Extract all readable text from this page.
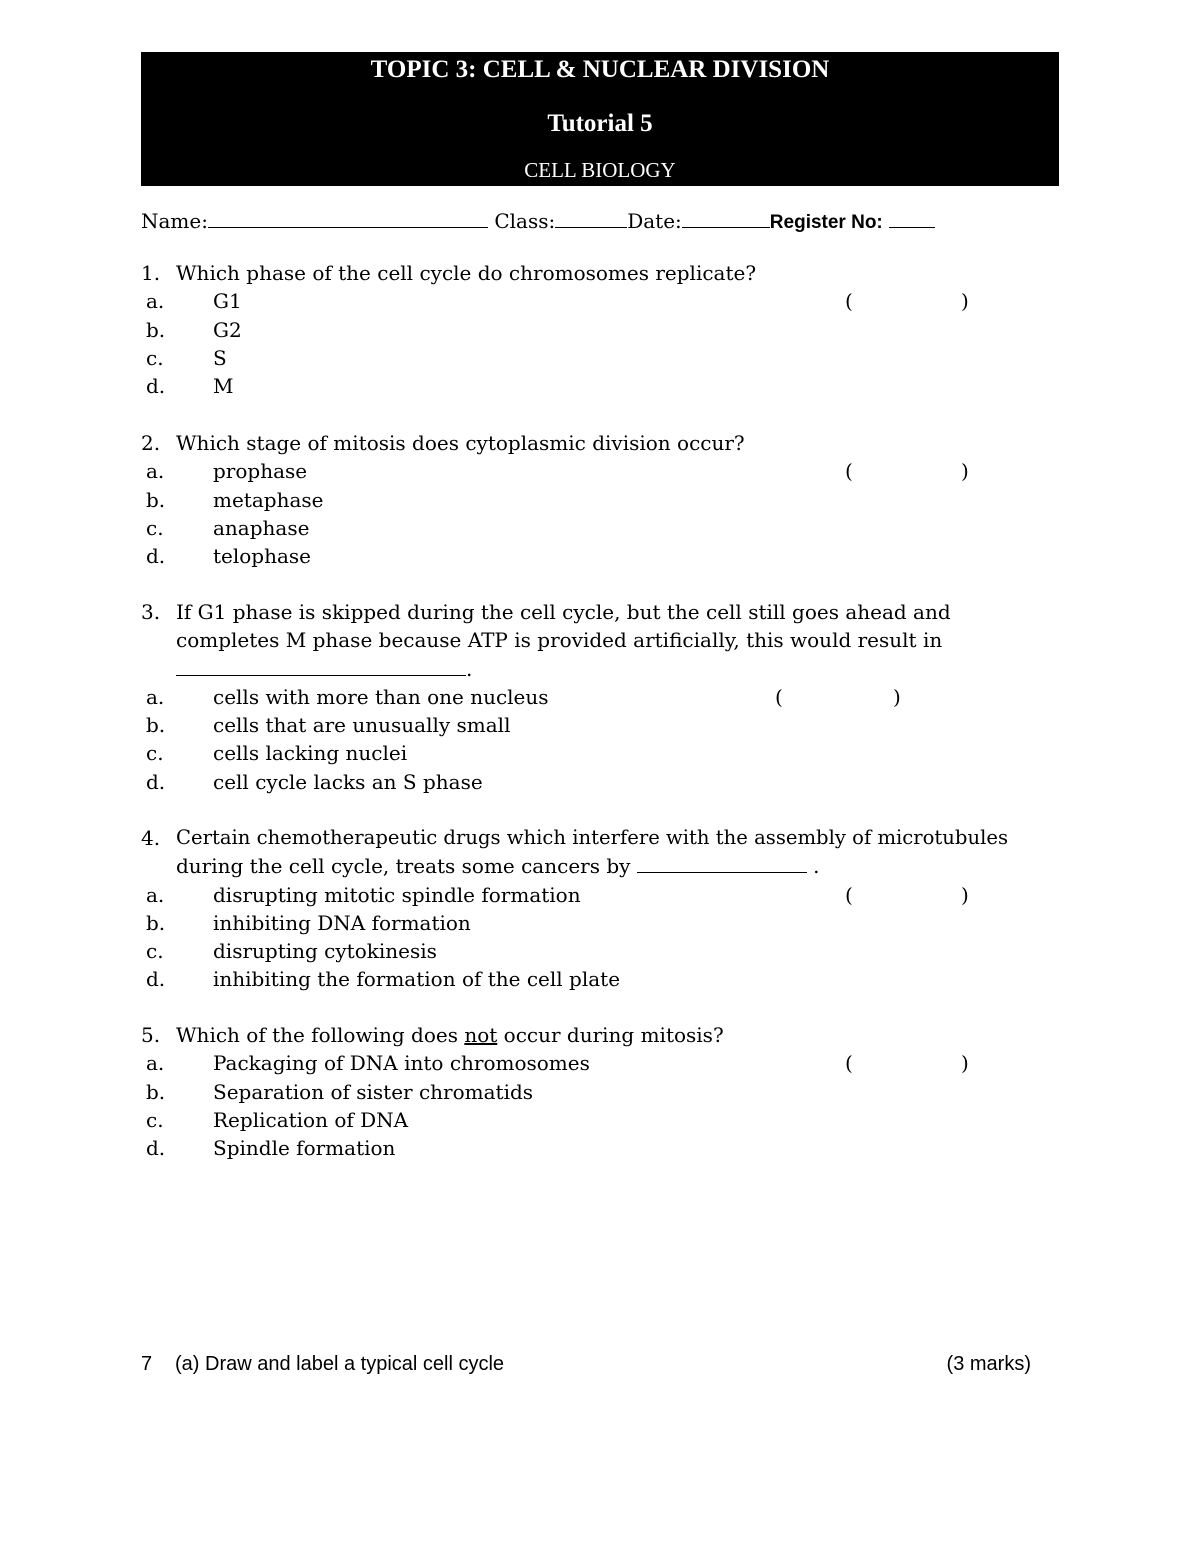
TOPIC 3: CELL & NUCLEAR DIVISION
Tutorial 5
CELL BIOLOGY
Name:	Class:	Date:	Register No:
1. Which phase of the cell cycle do chromosomes replicate?
a. G1	(	)
b. G2
c. S
d. M
2. Which stage of mitosis does cytoplasmic division occur?
a. prophase	(	)
b. metaphase
c. anaphase
d. telophase
3. If G1 phase is skipped during the cell cycle, but the cell still goes ahead and
completes M phase because ATP is provided artificially, this would result in
.
a. cells with more than one nucleus	(	)
b. cells that are unusually small
c. cells lacking nuclei
d. cell cycle lacks an S phase
4. Certain chemotherapeutic drugs which interfere with the assembly of microtubules
during the cell cycle, treats some cancers by	.
a. disrupting mitotic spindle formation	(	)
b. inhibiting DNA formation
c. disrupting cytokinesis
d. inhibiting the formation of the cell plate
5. Which of the following does not occur during mitosis?
a. Packaging of DNA into chromosomes	(	)
b. Separation of sister chromatids
c. Replication of DNA
d. Spindle formation
7 (a) Draw and label a typical cell cycle	(3 marks)
